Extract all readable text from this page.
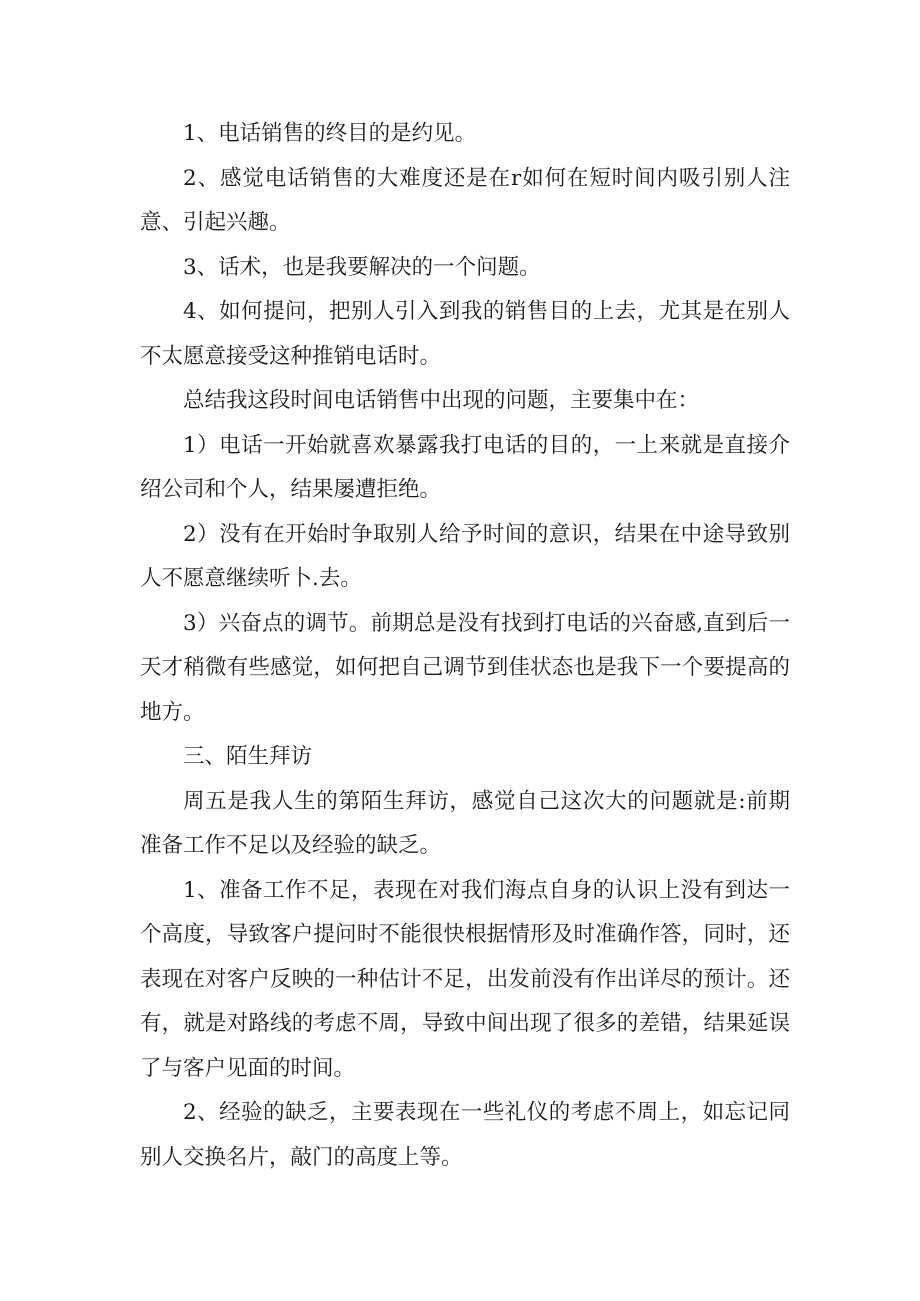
1、电话销售的终目的是约见。

2、感觉电话销售的大难度还是在r如何在短时间内吸引别人注意、引起兴趣。

3、话术，也是我要解决的一个问题。

4、如何提问，把别人引入到我的销售目的上去，尤其是在别人不太愿意接受这种推销电话时。

总结我这段时间电话销售中出现的问题，主要集中在：

1）电话一开始就喜欢暴露我打电话的目的，一上来就是直接介绍公司和个人，结果屡遭拒绝。

2）没有在开始时争取别人给予时间的意识，结果在中途导致别人不愿意继续听卜.去。

3）兴奋点的调节。前期总是没有找到打电话的兴奋感,直到后一天才稍微有些感觉，如何把自己调节到佳状态也是我下一个要提高的地方。

三、陌生拜访

周五是我人生的第陌生拜访，感觉自己这次大的问题就是:前期准备工作不足以及经验的缺乏。

1、准备工作不足，表现在对我们海点自身的认识上没有到达一个高度，导致客户提问时不能很快根据情形及时准确作答，同时，还表现在对客户反映的一种估计不足，出发前没有作出详尽的预计。还有，就是对路线的考虑不周，导致中间出现了很多的差错，结果延误了与客户见面的时间。

2、经验的缺乏，主要表现在一些礼仪的考虑不周上，如忘记同别人交换名片，敲门的高度上等。
